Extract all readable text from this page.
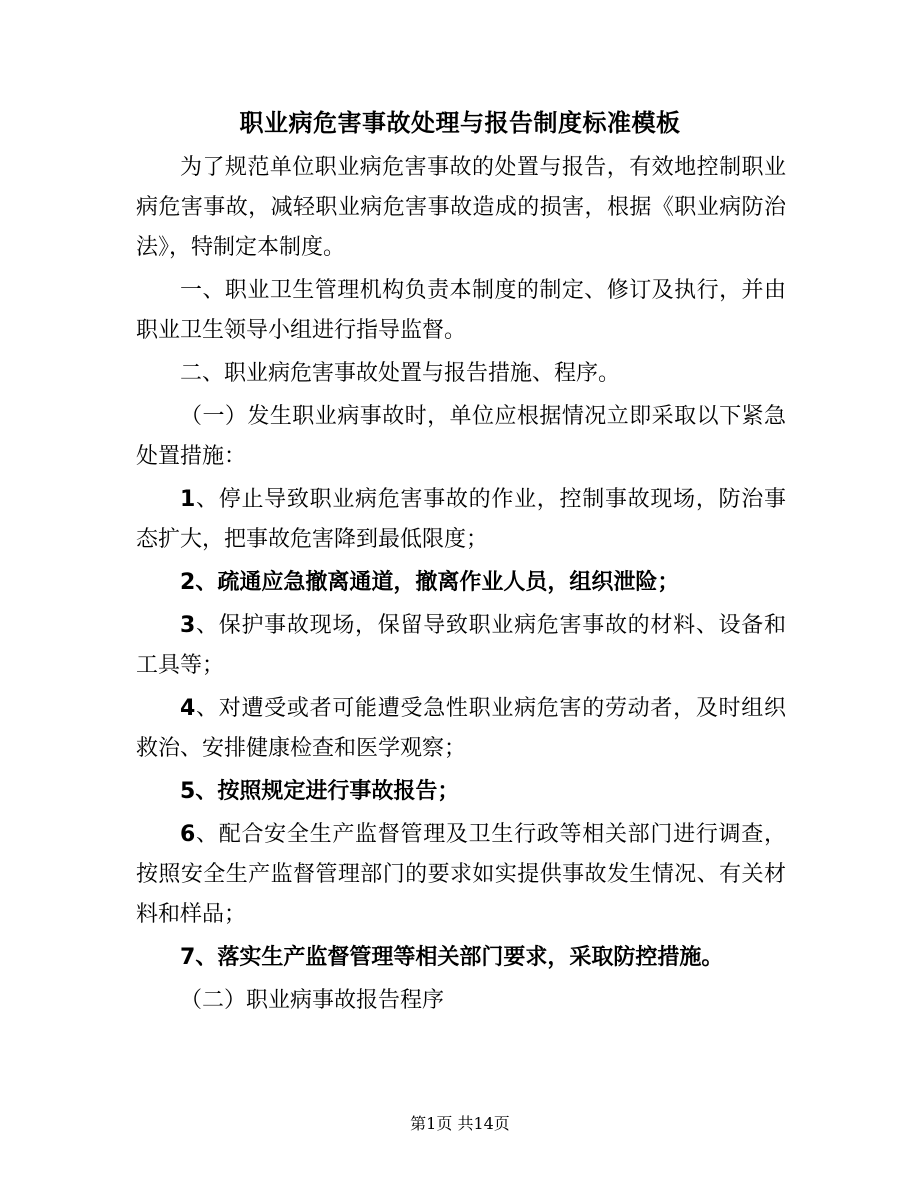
职业病危害事故处理与报告制度标准模板

为了规范单位职业病危害事故的处置与报告，有效地控制职业病危害事故，减轻职业病危害事故造成的损害，根据《职业病防治法》，特制定本制度。

一、职业卫生管理机构负责本制度的制定、修订及执行，并由职业卫生领导小组进行指导监督。

二、职业病危害事故处置与报告措施、程序。

（一）发生职业病事故时，单位应根据情况立即采取以下紧急处置措施：

1、停止导致职业病危害事故的作业，控制事故现场，防治事态扩大，把事故危害降到最低限度；

2、疏通应急撤离通道，撤离作业人员，组织泄险；

3、保护事故现场，保留导致职业病危害事故的材料、设备和工具等；

4、对遭受或者可能遭受急性职业病危害的劳动者，及时组织救治、安排健康检查和医学观察；

5、按照规定进行事故报告；

6、配合安全生产监督管理及卫生行政等相关部门进行调查，按照安全生产监督管理部门的要求如实提供事故发生情况、有关材料和样品；

7、落实生产监督管理等相关部门要求，采取防控措施。

（二）职业病事故报告程序

第1页 共14页
